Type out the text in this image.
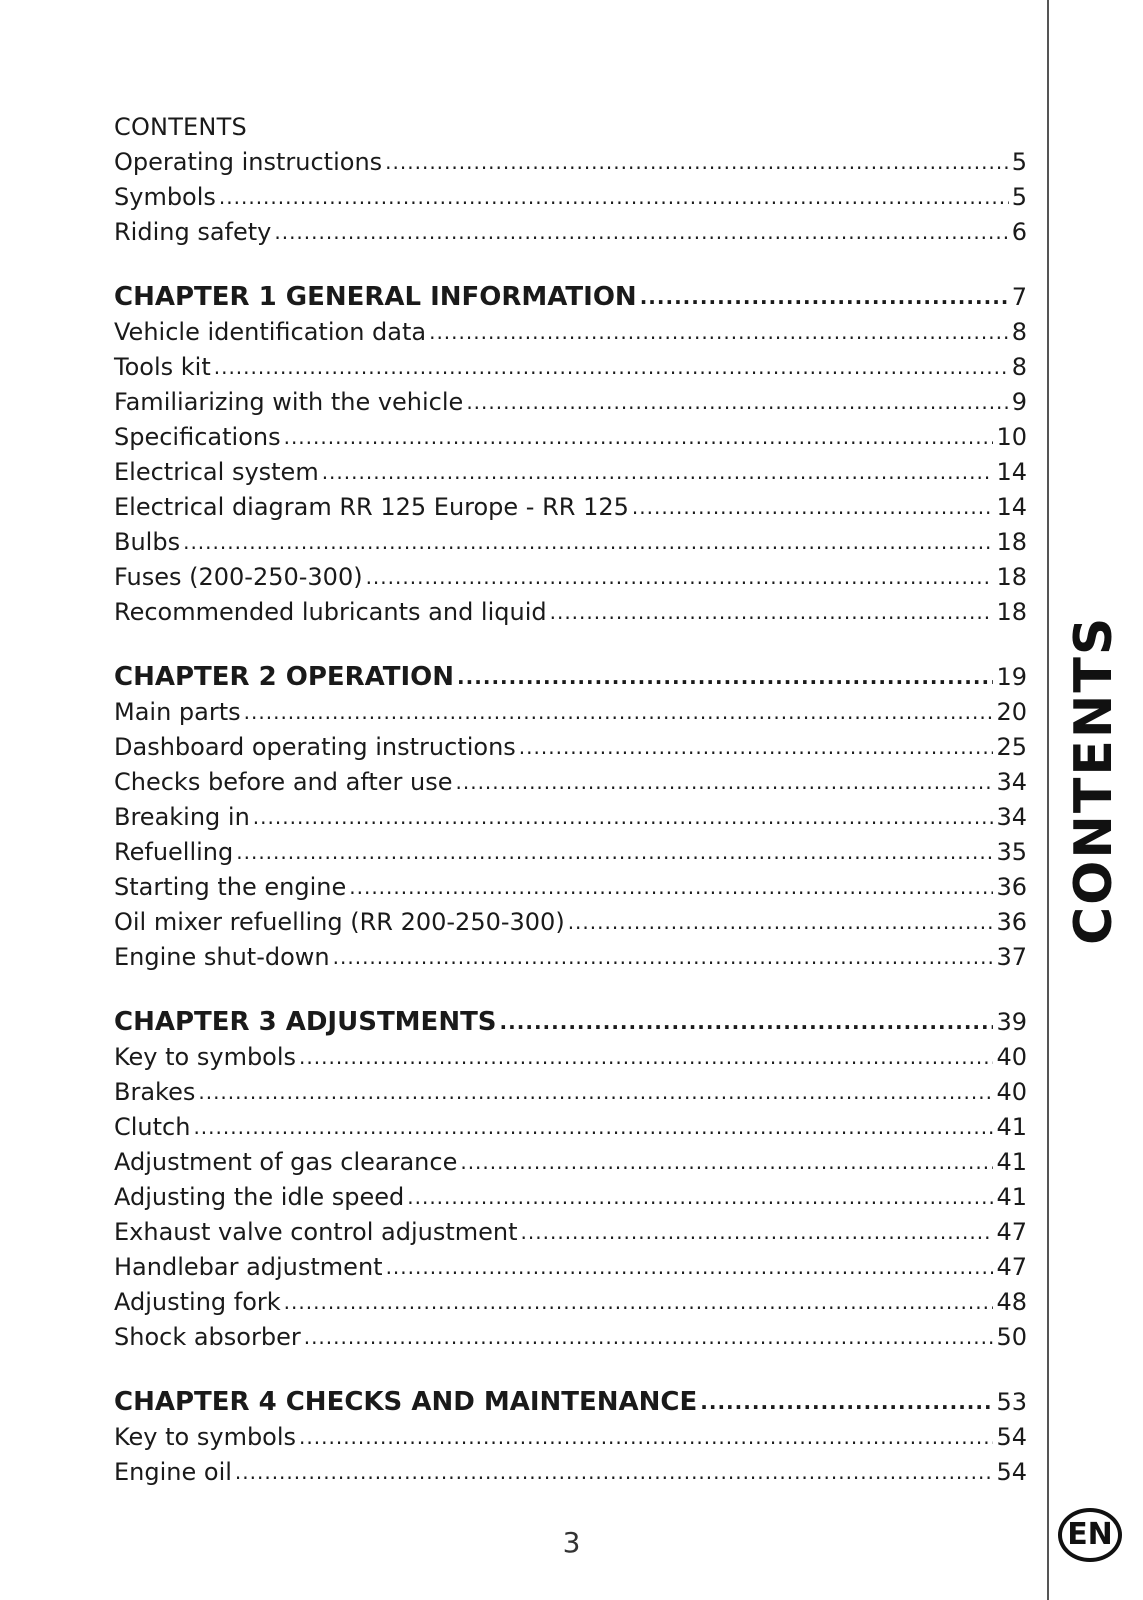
CONTENTS
Operating instructions .....	5
Symbols .....	5
Riding safety .....	6
CHAPTER 1 GENERAL INFORMATION .....	7
Vehicle identification data .....	8
Tools kit .....	8
Familiarizing with the vehicle .....	9
Specifications .....	10
Electrical system .....	14
Electrical diagram RR 125 Europe - RR 125 .....	14
Bulbs .....	18
Fuses (200-250-300) .....	18
Recommended lubricants and liquid .....	18
CHAPTER 2 OPERATION .....	19
Main parts .....	20
Dashboard operating instructions .....	25
Checks before and after use .....	34
Breaking in .....	34
Refuelling .....	35
Starting the engine .....	36
Oil mixer refuelling (RR 200-250-300) .....	36
Engine shut-down .....	37
CHAPTER 3 ADJUSTMENTS .....	39
Key to symbols .....	40
Brakes .....	40
Clutch .....	41
Adjustment of gas clearance .....	41
Adjusting the idle speed .....	41
Exhaust valve control adjustment .....	47
Handlebar adjustment .....	47
Adjusting fork .....	48
Shock absorber .....	50
CHAPTER 4 CHECKS AND MAINTENANCE .....	53
Key to symbols .....	54
Engine oil .....	54
3
CONTENTS
EN
